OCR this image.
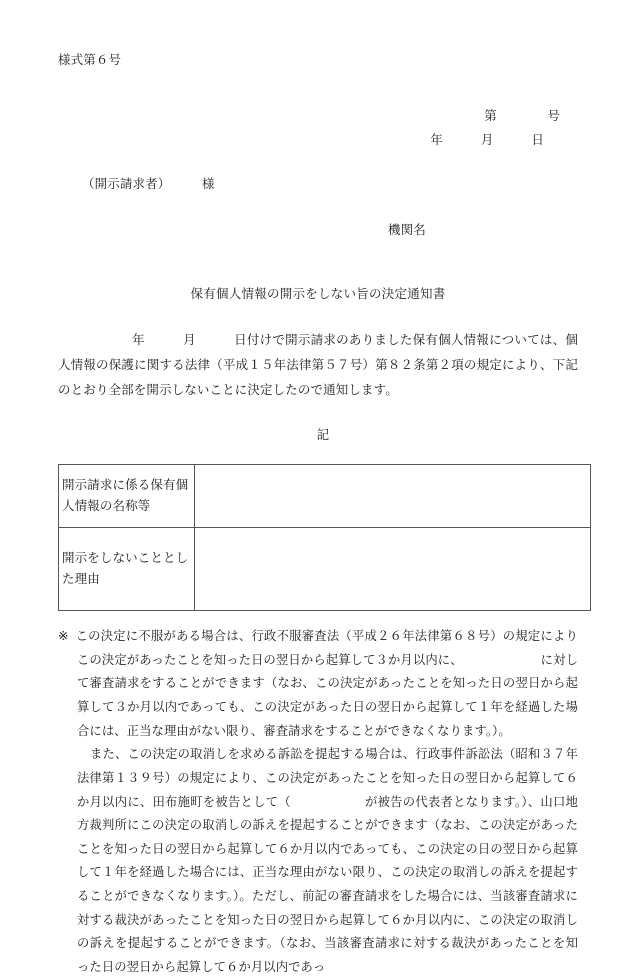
様式第６号
第　　　　号
年　　　月　　　日
（開示請求者）　　　様
機関名
保有個人情報の開示をしない旨の決定通知書
年　　　月　　　日付けで開示請求のありました保有個人情報については、個人情報の保護に関する法律（平成１５年法律第５７号）第８２条第２項の規定により、下記のとおり全部を開示しないことに決定したので通知します。
記
開示請求に係る保有個人情報の名称等	
開示をしないこととした理由	

※ この決定に不服がある場合は、行政不服審査法（平成２６年法律第６８号）の規定によりこの決定があったことを知った日の翌日から起算して３か月以内に、	に対して審査請求をすることができます（なお、この決定があったことを知った日の翌日から起算して３か月以内であっても、この決定があった日の翌日から起算して１年を経過した場合には、正当な理由がない限り、審査請求をすることができなくなります。）。

また、この決定の取消しを求める訴訟を提起する場合は、行政事件訴訟法（昭和３７年法律第１３９号）の規定により、この決定があったことを知った日の翌日から起算して６か月以内に、田布施町を被告として（	が被告の代表者となります。）、山口地方裁判所にこの決定の取消しの訴えを提起することができます（なお、この決定があったことを知った日の翌日から起算して６か月以内であっても、この決定の日の翌日から起算して１年を経過した場合には、正当な理由がない限り、この決定の取消しの訴えを提起することができなくなります。）。ただし、前記の審査請求をした場合には、当該審査請求に対する裁決があったことを知った日の翌日から起算して６か月以内に、この決定の取消しの訴えを提起することができます。（なお、当該審査請求に対する裁決があったことを知った日の翌日から起算して６か月以内であっ
